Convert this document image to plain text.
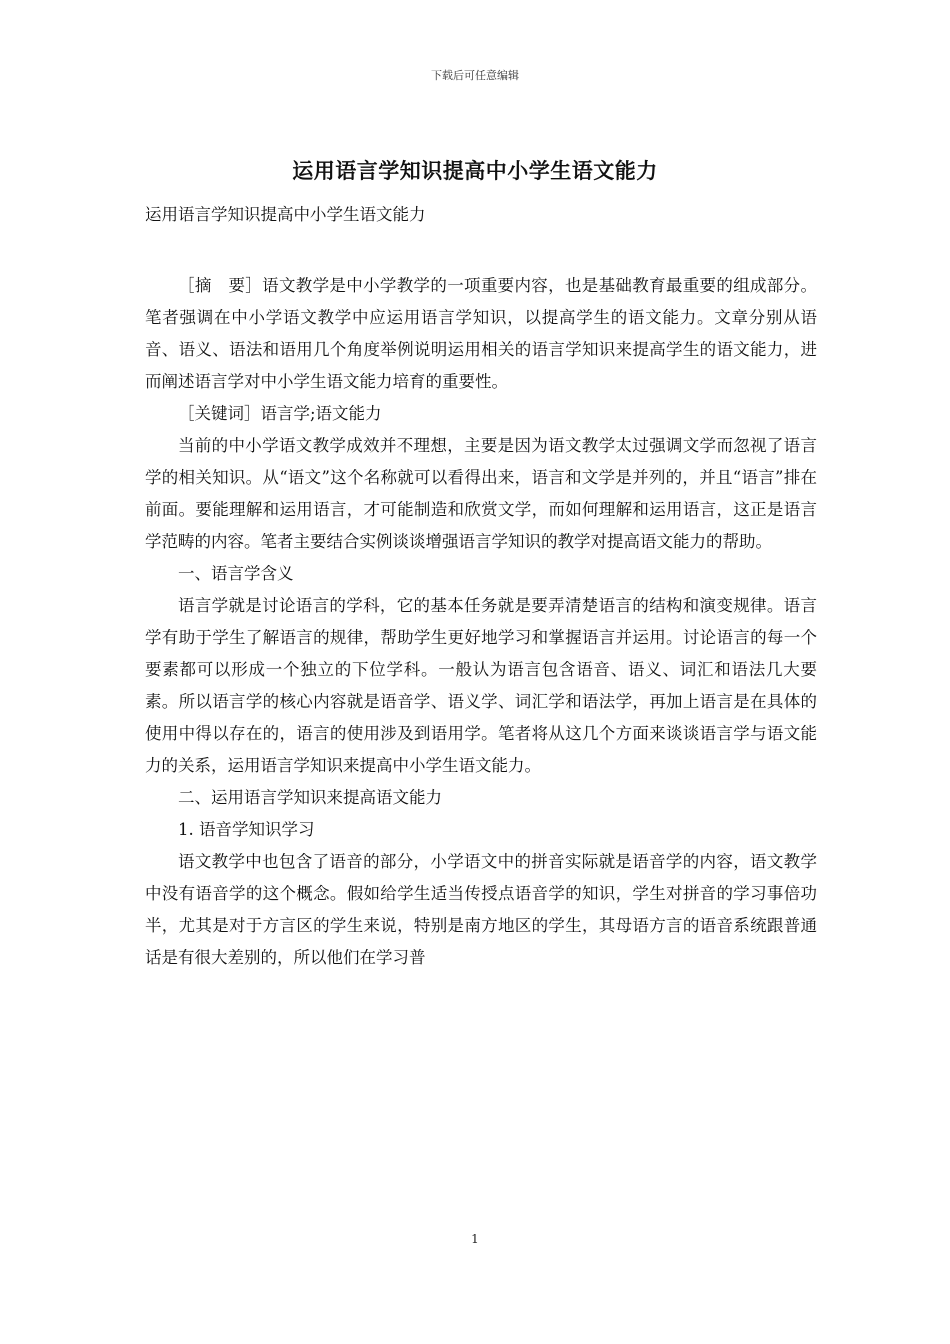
下载后可任意编辑
运用语言学知识提高中小学生语文能力
运用语言学知识提高中小学生语文能力

［摘　要］语文教学是中小学教学的一项重要内容，也是基础教育最重要的组成部分。笔者强调在中小学语文教学中应运用语言学知识，以提高学生的语文能力。文章分别从语音、语义、语法和语用几个角度举例说明运用相关的语言学知识来提高学生的语文能力，进而阐述语言学对中小学生语文能力培育的重要性。

［关键词］语言学;语文能力

当前的中小学语文教学成效并不理想，主要是因为语文教学太过强调文学而忽视了语言学的相关知识。从“语文”这个名称就可以看得出来，语言和文学是并列的，并且“语言”排在前面。要能理解和运用语言，才可能制造和欣赏文学，而如何理解和运用语言，这正是语言学范畴的内容。笔者主要结合实例谈谈增强语言学知识的教学对提高语文能力的帮助。

一、语言学含义

语言学就是讨论语言的学科，它的基本任务就是要弄清楚语言的结构和演变规律。语言学有助于学生了解语言的规律，帮助学生更好地学习和掌握语言并运用。讨论语言的每一个要素都可以形成一个独立的下位学科。一般认为语言包含语音、语义、词汇和语法几大要素。所以语言学的核心内容就是语音学、语义学、词汇学和语法学，再加上语言是在具体的使用中得以存在的，语言的使用涉及到语用学。笔者将从这几个方面来谈谈语言学与语文能力的关系，运用语言学知识来提高中小学生语文能力。

二、运用语言学知识来提高语文能力

1. 语音学知识学习

语文教学中也包含了语音的部分，小学语文中的拼音实际就是语音学的内容，语文教学中没有语音学的这个概念。假如给学生适当传授点语音学的知识，学生对拼音的学习事倍功半，尤其是对于方言区的学生来说，特别是南方地区的学生，其母语方言的语音系统跟普通话是有很大差别的，所以他们在学习普

1
